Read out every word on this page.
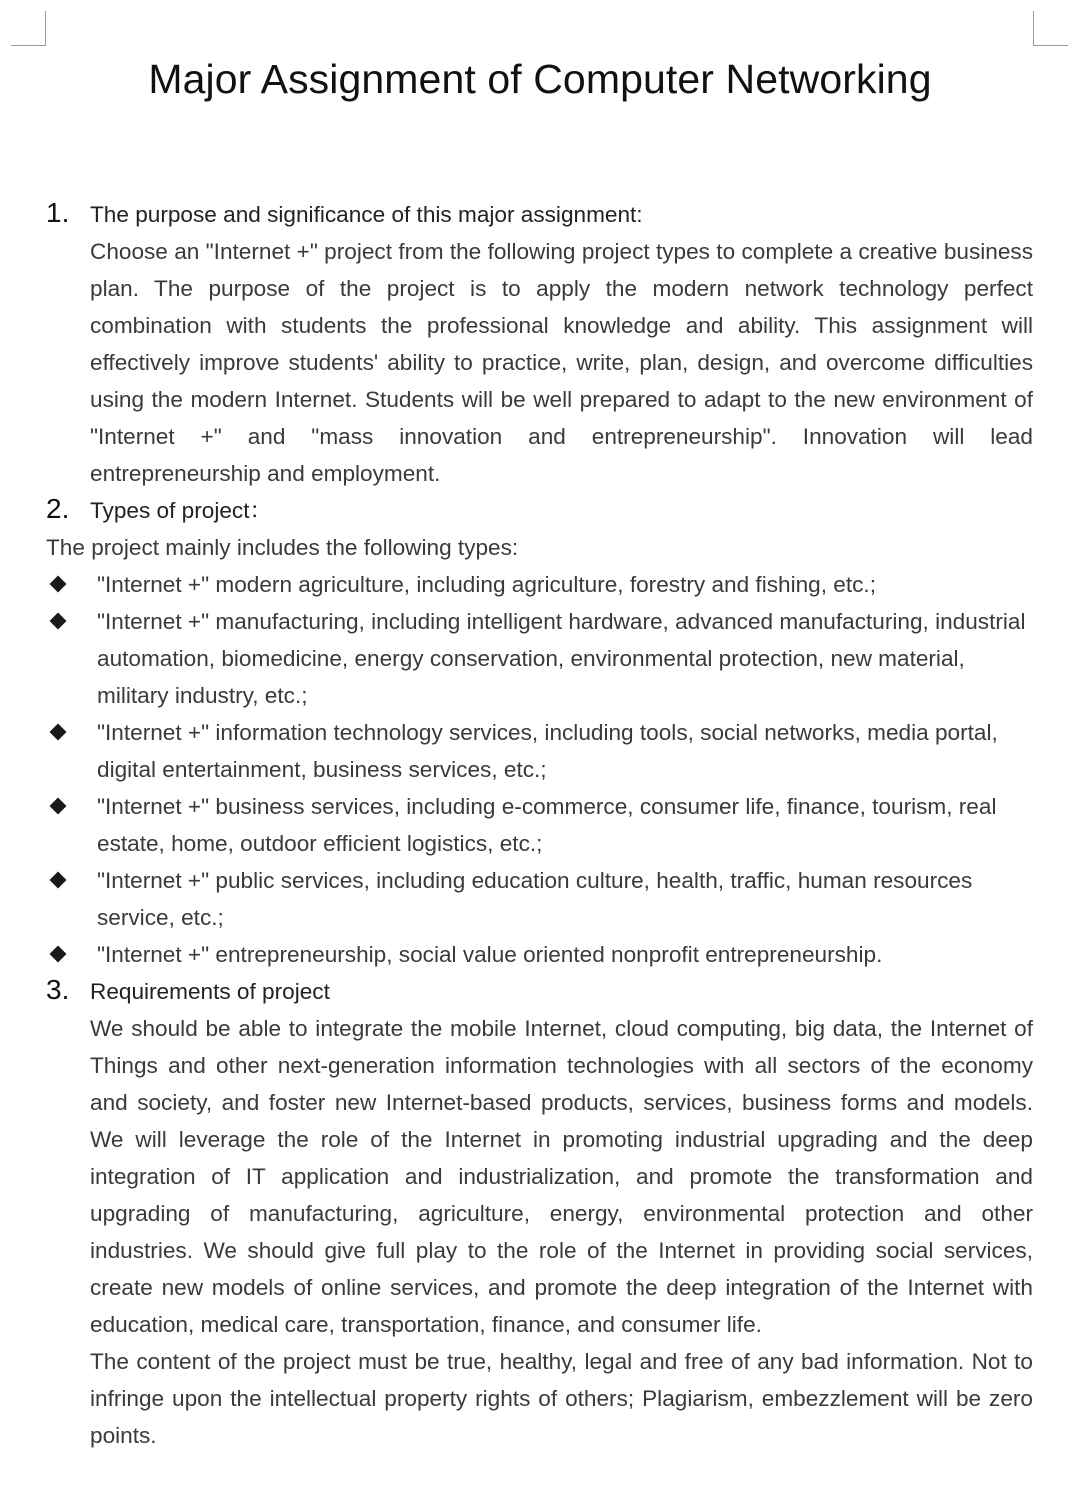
Major Assignment of Computer Networking
1. The purpose and significance of this major assignment:

Choose an "Internet +" project from the following project types to complete a creative business plan. The purpose of the project is to apply the modern network technology perfect combination with students the professional knowledge and ability. This assignment will effectively improve students' ability to practice, write, plan, design, and overcome difficulties using the modern Internet. Students will be well prepared to adapt to the new environment of "Internet +" and "mass innovation and entrepreneurship". Innovation will lead entrepreneurship and employment.

2. Types of project：

The project mainly includes the following types:

"Internet +" modern agriculture, including agriculture, forestry and fishing, etc.;
"Internet +" manufacturing, including intelligent hardware, advanced manufacturing, industrial automation, biomedicine, energy conservation, environmental protection, new material, military industry, etc.;
"Internet +" information technology services, including tools, social networks, media portal, digital entertainment, business services, etc.;
"Internet +" business services, including e-commerce, consumer life, finance, tourism, real estate, home, outdoor efficient logistics, etc.;
"Internet +" public services, including education culture, health, traffic, human resources service, etc.;
"Internet +" entrepreneurship, social value oriented nonprofit entrepreneurship.
3. Requirements of project

We should be able to integrate the mobile Internet, cloud computing, big data, the Internet of Things and other next-generation information technologies with all sectors of the economy and society, and foster new Internet-based products, services, business forms and models. We will leverage the role of the Internet in promoting industrial upgrading and the deep integration of IT application and industrialization, and promote the transformation and upgrading of manufacturing, agriculture, energy, environmental protection and other industries. We should give full play to the role of the Internet in providing social services, create new models of online services, and promote the deep integration of the Internet with education, medical care, transportation, finance, and consumer life.

The content of the project must be true, healthy, legal and free of any bad information. Not to infringe upon the intellectual property rights of others; Plagiarism, embezzlement will be zero points.
